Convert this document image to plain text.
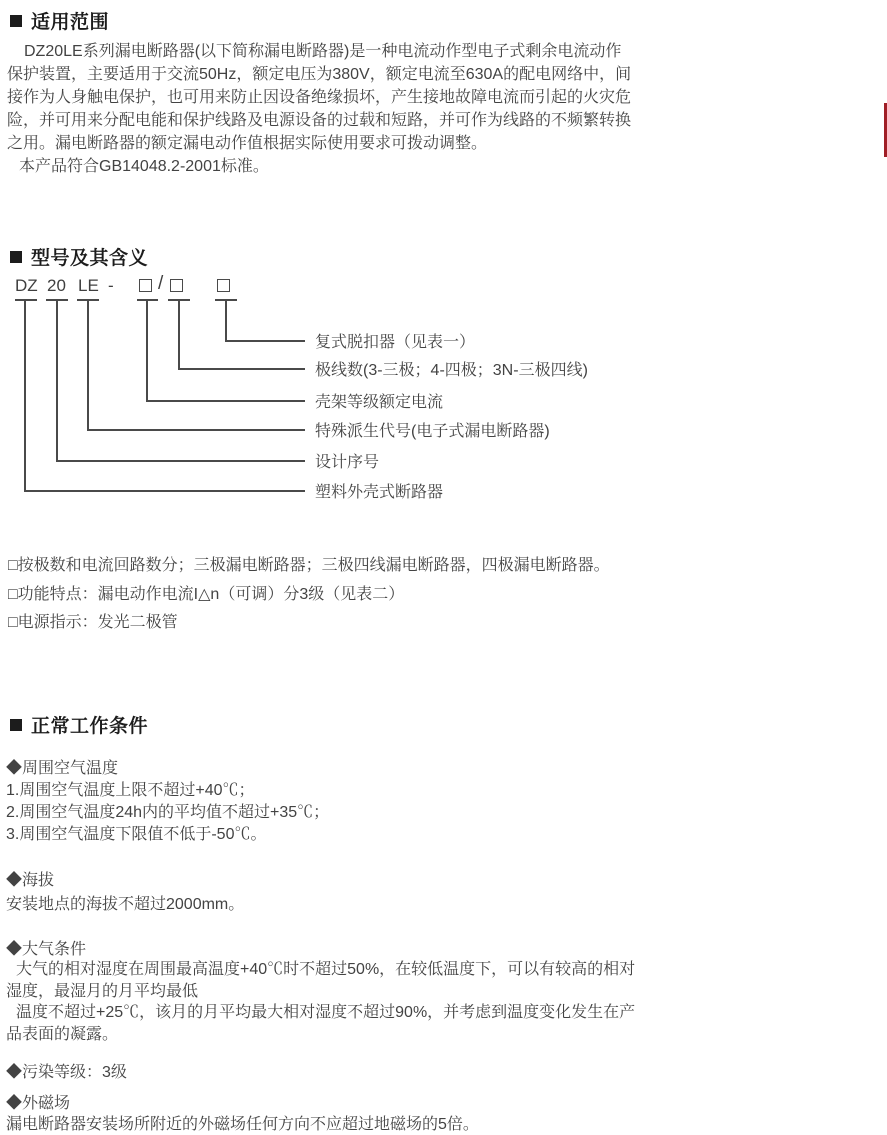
适用范围
DZ20LE系列漏电断路器(以下简称漏电断路器)是一种电流动作型电子式剩余电流动作
保护装置，主要适用于交流50Hz，额定电压为380V，额定电流至630A的配电网络中，间
接作为人身触电保护，也可用来防止因设备绝缘损坏，产生接地故障电流而引起的火灾危
险，并可用来分配电能和保护线路及电源设备的过载和短路，并可作为线路的不频繁转换
之用。漏电断路器的额定漏电动作值根据实际使用要求可拨动调整。
本产品符合GB14048.2-2001标准。
型号及其含义
DZ 20 LE - /
复式脱扣器（见表一）
极线数(3-三极；4-四极；3N-三极四线)
壳架等级额定电流
特殊派生代号(电子式漏电断路器)
设计序号
塑料外壳式断路器
□按极数和电流回路数分；三极漏电断路器；三极四线漏电断路器，四极漏电断路器。
□功能特点：漏电动作电流I△n（可调）分3级（见表二）
□电源指示：发光二极管
正常工作条件
◆周围空气温度
1.周围空气温度上限不超过+40℃；
2.周围空气温度24h内的平均值不超过+35℃；
3.周围空气温度下限值不低于-50℃。
◆海拔
安装地点的海拔不超过2000mm。
◆大气条件
大气的相对湿度在周围最高温度+40℃时不超过50%，在较低温度下，可以有较高的相对
湿度，最湿月的月平均最低
温度不超过+25℃，该月的月平均最大相对湿度不超过90%，并考虑到温度变化发生在产
品表面的凝露。
◆污染等级：3级
◆外磁场
漏电断路器安装场所附近的外磁场任何方向不应超过地磁场的5倍。
